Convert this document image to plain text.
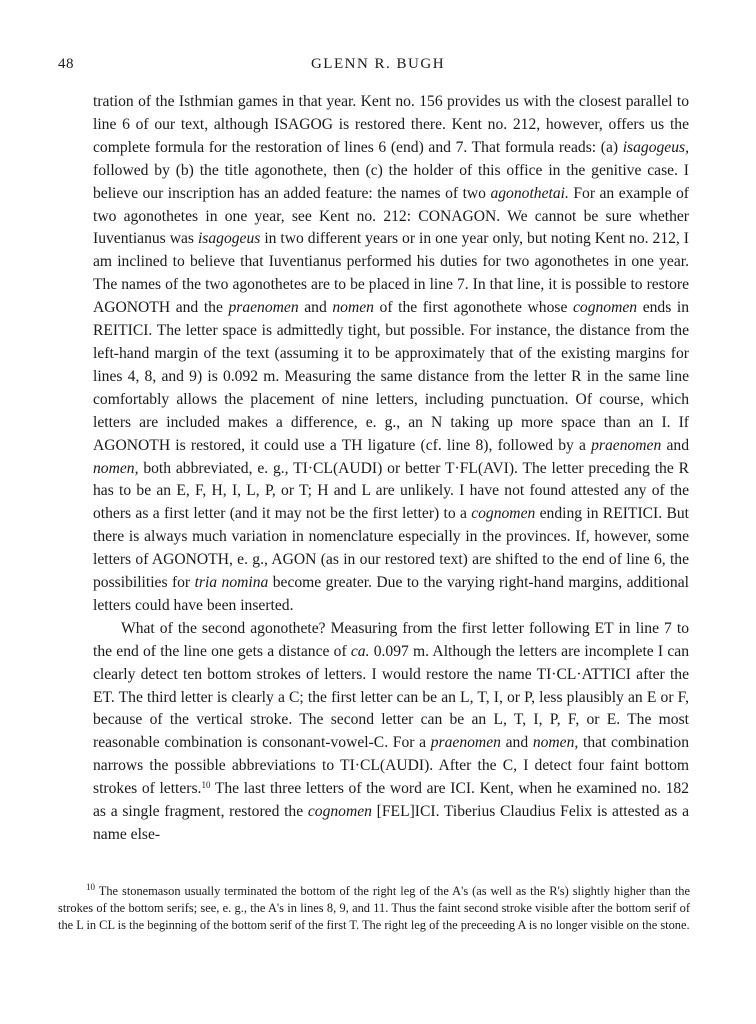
48	GLENN R. BUGH

tration of the Isthmian games in that year. Kent no. 156 provides us with the closest parallel to line 6 of our text, although ISAGOG is restored there. Kent no. 212, however, offers us the complete formula for the restoration of lines 6 (end) and 7. That formula reads: (a) isagogeus, followed by (b) the title agonothete, then (c) the holder of this office in the genitive case. I believe our inscription has an added feature: the names of two agonothetai. For an example of two agonothetes in one year, see Kent no. 212: CONAGON. We cannot be sure whether Iuventianus was isagogeus in two different years or in one year only, but noting Kent no. 212, I am inclined to believe that Iuventianus performed his duties for two agonothetes in one year. The names of the two agonothetes are to be placed in line 7. In that line, it is possible to restore AGONOTH and the praenomen and nomen of the first agonothete whose cognomen ends in REITICI. The letter space is admittedly tight, but possible. For instance, the distance from the left-hand margin of the text (assuming it to be approximately that of the existing margins for lines 4, 8, and 9) is 0.092 m. Measuring the same distance from the letter R in the same line comfortably allows the placement of nine letters, including punctuation. Of course, which letters are included makes a difference, e. g., an N taking up more space than an I. If AGONOTH is restored, it could use a TH ligature (cf. line 8), followed by a praenomen and nomen, both abbreviated, e. g., TI·CL(AUDI) or better T·FL(AVI). The letter preceding the R has to be an E, F, H, I, L, P, or T; H and L are unlikely. I have not found attested any of the others as a first letter (and it may not be the first letter) to a cognomen ending in REITICI. But there is always much variation in nomenclature especially in the provinces. If, however, some letters of AGONOTH, e. g., AGON (as in our restored text) are shifted to the end of line 6, the possibilities for tria nomina become greater. Due to the varying right-hand margins, additional letters could have been inserted.

What of the second agonothete? Measuring from the first letter following ET in line 7 to the end of the line one gets a distance of ca. 0.097 m. Although the letters are incomplete I can clearly detect ten bottom strokes of letters. I would restore the name TI·CL·ATTICI after the ET. The third letter is clearly a C; the first letter can be an L, T, I, or P, less plausibly an E or F, because of the vertical stroke. The second letter can be an L, T, I, P, F, or E. The most reasonable combination is consonant-vowel-C. For a praenomen and nomen, that combination narrows the possible abbreviations to TI·CL(AUDI). After the C, I detect four faint bottom strokes of letters.$^{10}$ The last three letters of the word are ICI. Kent, when he examined no. 182 as a single fragment, restored the cognomen [FEL]ICI. Tiberius Claudius Felix is attested as a name else-

$^{10}$ The stonemason usually terminated the bottom of the right leg of the A's (as well as the R's) slightly higher than the strokes of the bottom serifs; see, e. g., the A's in lines 8, 9, and 11. Thus the faint second stroke visible after the bottom serif of the L in CL is the beginning of the bottom serif of the first T. The right leg of the preceeding A is no longer visible on the stone.
